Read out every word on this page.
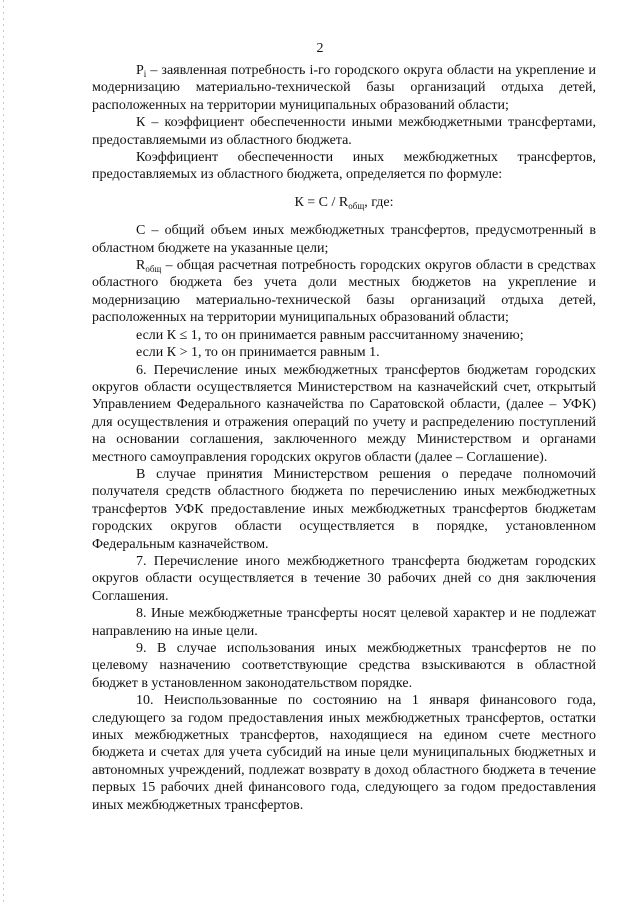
2

$P_i$ – заявленная потребность i-го городского округа области на укрепление и модернизацию материально-технической базы организаций отдыха детей, расположенных на территории муниципальных образований области;

К – коэффициент обеспеченности иными межбюджетными трансфертами, предоставляемыми из областного бюджета.

Коэффициент обеспеченности иных межбюджетных трансфертов, предоставляемых из областного бюджета, определяется по формуле:

$К = С / R_{общ}$, где:

С – общий объем иных межбюджетных трансфертов, предусмотренный в областном бюджете на указанные цели;

$R_{общ}$ – общая расчетная потребность городских округов области в средствах областного бюджета без учета доли местных бюджетов на укрепление и модернизацию материально-технической базы организаций отдыха детей, расположенных на территории муниципальных образований области;

если К ≤ 1, то он принимается равным рассчитанному значению;

если К > 1, то он принимается равным 1.

6. Перечисление иных межбюджетных трансфертов бюджетам городских округов области осуществляется Министерством на казначейский счет, открытый Управлением Федерального казначейства по Саратовской области, (далее – УФК) для осуществления и отражения операций по учету и распределению поступлений на основании соглашения, заключенного между Министерством и органами местного самоуправления городских округов области (далее – Соглашение).

В случае принятия Министерством решения о передаче полномочий получателя средств областного бюджета по перечислению иных межбюджетных трансфертов УФК предоставление иных межбюджетных трансфертов бюджетам городских округов области осуществляется в порядке, установленном Федеральным казначейством.

7. Перечисление иного межбюджетного трансферта бюджетам городских округов области осуществляется в течение 30 рабочих дней со дня заключения Соглашения.

8. Иные межбюджетные трансферты носят целевой характер и не подлежат направлению на иные цели.

9. В случае использования иных межбюджетных трансфертов не по целевому назначению соответствующие средства взыскиваются в областной бюджет в установленном законодательством порядке.

10. Неиспользованные по состоянию на 1 января финансового года, следующего за годом предоставления иных межбюджетных трансфертов, остатки иных межбюджетных трансфертов, находящиеся на едином счете местного бюджета и счетах для учета субсидий на иные цели муниципальных бюджетных и автономных учреждений, подлежат возврату в доход областного бюджета в течение первых 15 рабочих дней финансового года, следующего за годом предоставления иных межбюджетных трансфертов.
